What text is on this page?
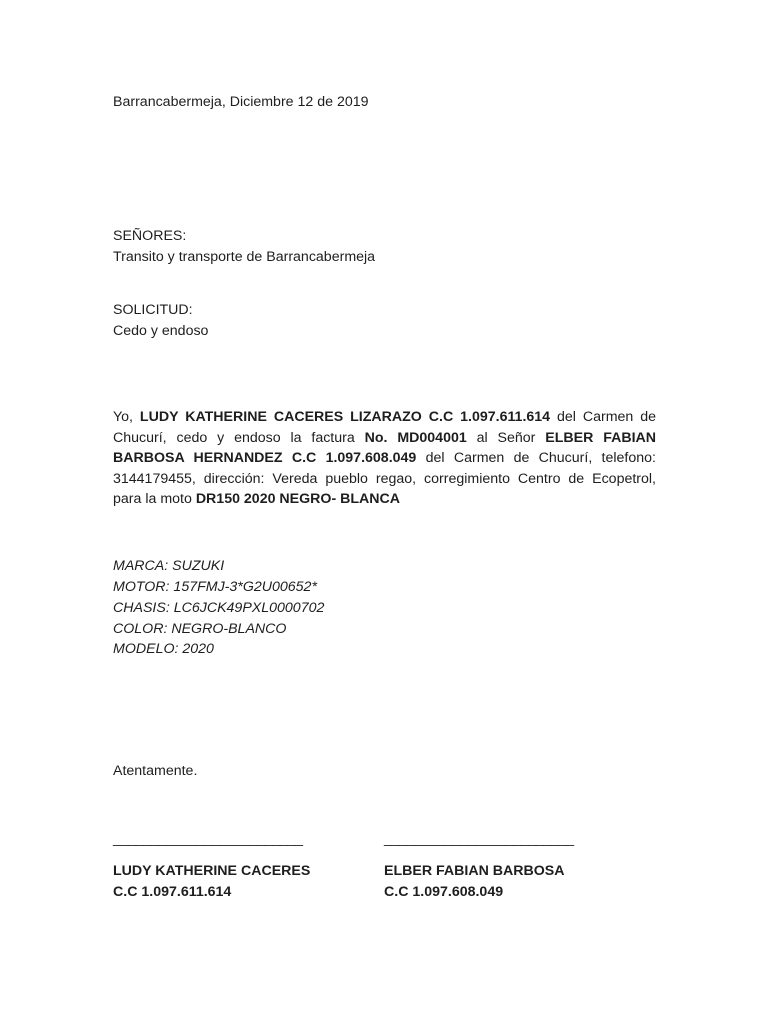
Barrancabermeja, Diciembre 12 de 2019
SEÑORES:
Transito y transporte de Barrancabermeja
SOLICITUD:
Cedo y endoso
Yo, LUDY KATHERINE CACERES LIZARAZO C.C 1.097.611.614 del Carmen de Chucurí, cedo y endoso la factura No. MD004001 al Señor ELBER FABIAN BARBOSA HERNANDEZ C.C 1.097.608.049 del Carmen de Chucurí, telefono: 3144179455, dirección: Vereda pueblo regao, corregimiento Centro de Ecopetrol, para la moto DR150 2020 NEGRO- BLANCA
MARCA: SUZUKI
MOTOR: 157FMJ-3*G2U00652*
CHASIS: LC6JCK49PXL0000702
COLOR: NEGRO-BLANCO
MODELO: 2020
Atentamente.
_________________________	_________________________
LUDY KATHERINE CACERES
C.C 1.097.611.614
ELBER FABIAN BARBOSA
C.C 1.097.608.049
